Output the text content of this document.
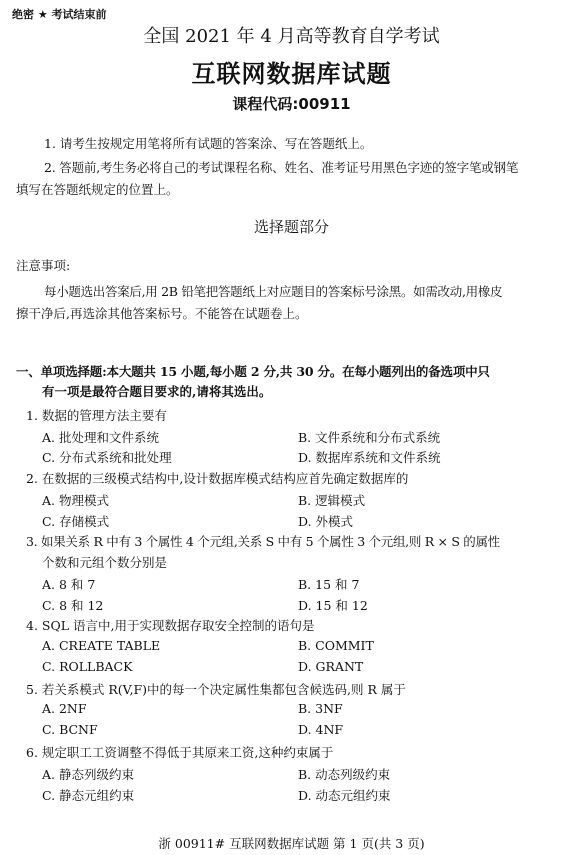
绝密 ★ 考试结束前
全国 2021 年 4 月高等教育自学考试
互联网数据库试题
课程代码:00911
1. 请考生按规定用笔将所有试题的答案涂、写在答题纸上。
2. 答题前,考生务必将自己的考试课程名称、姓名、准考证号用黑色字迹的签字笔或钢笔
填写在答题纸规定的位置上。
选择题部分
注意事项:
每小题选出答案后,用 2B 铅笔把答题纸上对应题目的答案标号涂黑。如需改动,用橡皮
擦干净后,再选涂其他答案标号。不能答在试题卷上。
一、单项选择题:本大题共 15 小题,每小题 2 分,共 30 分。在每小题列出的备选项中只
有一项是最符合题目要求的,请将其选出。
1. 数据的管理方法主要有
A. 批处理和文件系统	B. 文件系统和分布式系统
C. 分布式系统和批处理	D. 数据库系统和文件系统
2. 在数据的三级模式结构中,设计数据库模式结构应首先确定数据库的
A. 物理模式	B. 逻辑模式
C. 存储模式	D. 外模式
3. 如果关系 R 中有 3 个属性 4 个元组,关系 S 中有 5 个属性 3 个元组,则 R × S 的属性
个数和元组个数分别是
A. 8 和 7	B. 15 和 7
C. 8 和 12	D. 15 和 12
4. SQL 语言中,用于实现数据存取安全控制的语句是
A. CREATE TABLE	B. COMMIT
C. ROLLBACK	D. GRANT
5. 若关系模式 R(V,F)中的每一个决定属性集都包含候选码,则 R 属于
A. 2NF	B. 3NF
C. BCNF	D. 4NF
6. 规定职工工资调整不得低于其原来工资,这种约束属于
A. 静态列级约束	B. 动态列级约束
C. 静态元组约束	D. 动态元组约束
浙 00911# 互联网数据库试题 第 1 页(共 3 页)
